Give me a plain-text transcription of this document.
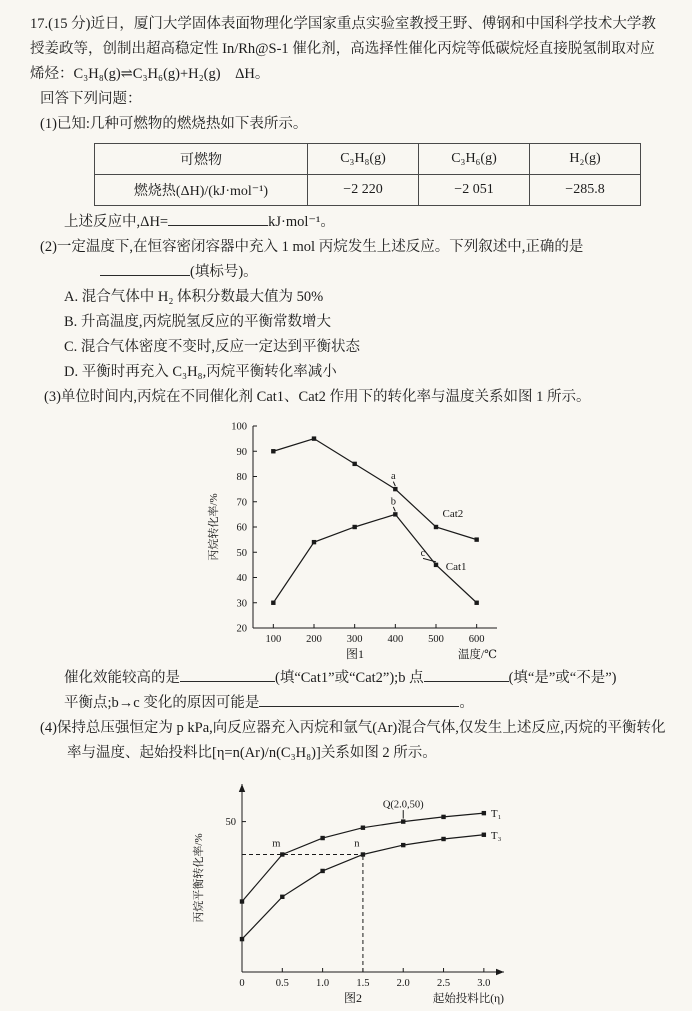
17.(15 分)近日，厦门大学固体表面物理化学国家重点实验室教授王野、傅钢和中国科学技术大学教授姜政等，创制出超高稳定性 In/Rh@S-1 催化剂，高选择性催化丙烷等低碳烷烃直接脱氢制取对应烯烃：C₃H₈(g)⇌C₃H₆(g)+H₂(g)　ΔH。
回答下列问题：
(1)已知:几种可燃物的燃烧热如下表所示。
可燃物	C₃H₈(g)	C₃H₆(g)	H₂(g)
燃烧热(ΔH)/(kJ·mol⁻¹)	−2 220	−2 051	−285.8
上述反应中,ΔH=	kJ·mol⁻¹。
(2)一定温度下,在恒容密闭容器中充入 1 mol 丙烷发生上述反应。下列叙述中,正确的是
(填标号)。
A. 混合气体中 H₂ 体积分数最大值为 50%
B. 升高温度,丙烷脱氢反应的平衡常数增大
C. 混合气体密度不变时,反应一定达到平衡状态
D. 平衡时再充入 C₃H₈,丙烷平衡转化率减小
(3)单位时间内,丙烷在不同催化剂 Cat1、Cat2 作用下的转化率与温度关系如图 1 所示。
100 200 300 400 500 600
20
30
40
50
60
70
80
90
100
Cat2
Cat1
a
b
c
温度/℃
丙烷转化率/%
图1
催化效能较高的是	(填“Cat1”或“Cat2”);b 点	(填“是”或“不是”)
平衡点;b→c 变化的原因可能是	。
(4)保持总压强恒定为 p kPa,向反应器充入丙烷和氩气(Ar)混合气体,仅发生上述反应,丙烷的平衡转化率与温度、起始投料比[η=n(Ar)/n(C₃H₈)]关系如图 2 所示。
0	0.5	1.0	1.5	2.0	2.5	3.0
50
T₁
T₃
Q(2.0,50)
m	n
起始投料比(η)
丙烷平衡转化率/%
图2
